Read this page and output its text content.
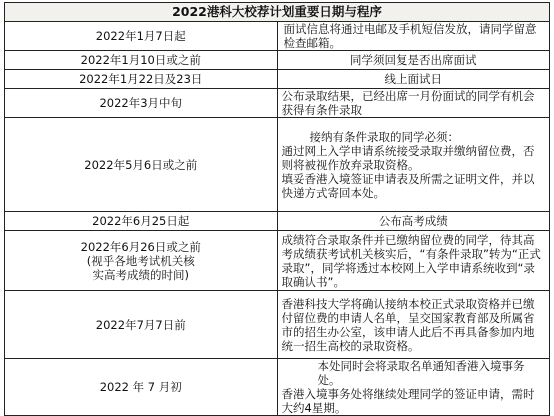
2022港科大校荐计划重要日期与程序	
2022年1月7日起	面试信息将通过电邮及手机短信发放，请同学留意检查邮箱。

2022年1月10日或之前	同学须回复是否出席面试

2022年1月22日及23日	线上面试日

2022年3月中旬	公布录取结果，已经出席一月份面试的同学有机会获得有条件录取

2022年5月6日或之前	接纳有条件录取的同学必须：
通过网上入学申请系统接受录取并缴纳留位费，否则将被视作放弃录取资格。
填妥香港入境签证申请表及所需之证明文件，并以快递方式寄回本处。

2022年6月25日起	公布高考成绩

2022年6月26日或之前
(视乎各地考试机关核
实高考成绩的时间)	成绩符合录取条件并已缴纳留位费的同学，待其高考成绩获考试机关核实后，“有条件录取”转为“正式录取”，同学将透过本校网上入学申请系统收到“录取确认书”。

2022年7月7日前	香港科技大学将确认接纳本校正式录取资格并已缴付留位费的申请人名单，呈交国家教育部及所属省市的招生办公室，该申请人此后不再具备参加内地统一招生高校的录取资格。

2022 年 7 月初	本处同时会将录取名单通知香港入境事务处。
香港入境事务处将继续处理同学的签证申请，需时大约4星期。
